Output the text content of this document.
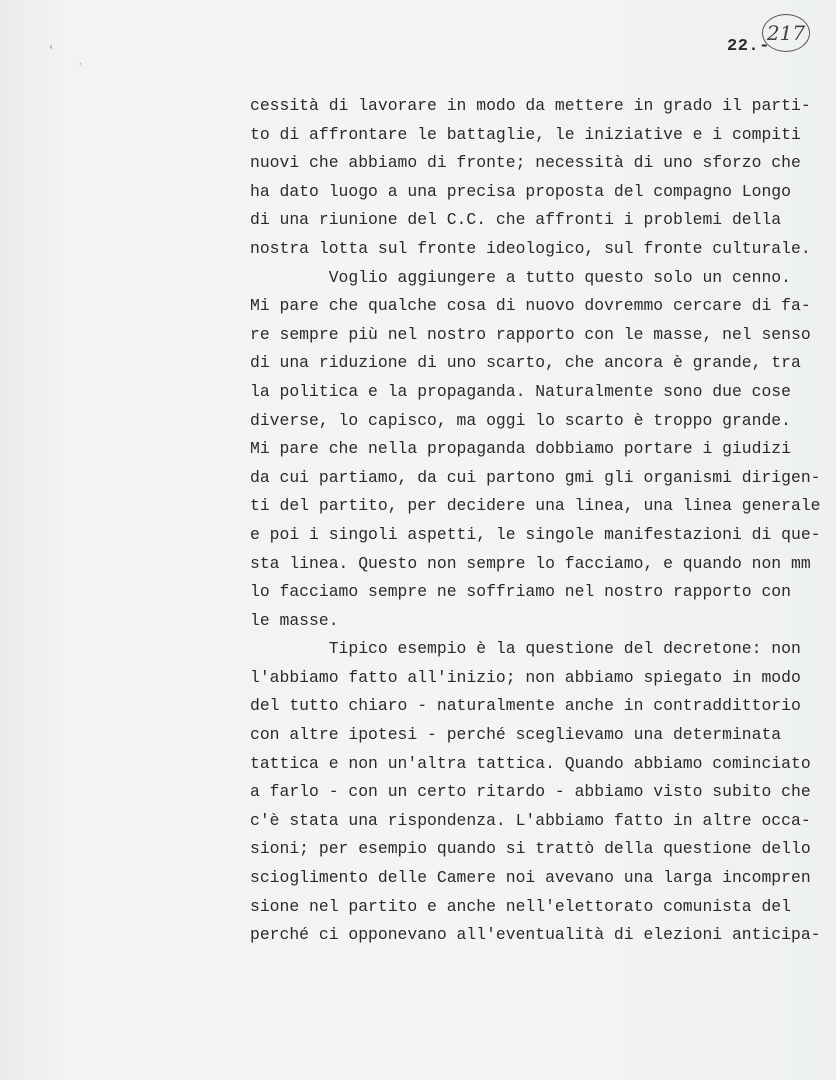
'
·
22.-
217
cessità di lavorare in modo da mettere in grado il parti-
to di affrontare le battaglie, le iniziative e i compiti
nuovi che abbiamo di fronte; necessità di uno sforzo che
ha dato luogo a una precisa proposta del compagno Longo
di una riunione del C.C. che affronti i problemi della
nostra lotta sul fronte ideologico, sul fronte culturale.
Voglio aggiungere a tutto questo solo un cenno.
Mi pare che qualche cosa di nuovo dovremmo cercare di fa-
re sempre più nel nostro rapporto con le masse, nel senso
di una riduzione di uno scarto, che ancora è grande, tra
la politica e la propaganda. Naturalmente sono due cose
diverse, lo capisco, ma oggi lo scarto è troppo grande.
Mi pare che nella propaganda dobbiamo portare i giudizi
da cui partiamo, da cui partono gmi gli organismi dirigen-
ti del partito, per decidere una linea, una linea generale
e poi i singoli aspetti, le singole manifestazioni di que-
sta linea. Questo non sempre lo facciamo, e quando non mm
lo facciamo sempre ne soffriamo nel nostro rapporto con
le masse.
Tipico esempio è la questione del decretone: non
l'abbiamo fatto all'inizio; non abbiamo spiegato in modo
del tutto chiaro - naturalmente anche in contraddittorio
con altre ipotesi - perché sceglievamo una determinata
tattica e non un'altra tattica. Quando abbiamo cominciato
a farlo - con un certo ritardo - abbiamo visto subito che
c'è stata una rispondenza. L'abbiamo fatto in altre occa-
sioni; per esempio quando si trattò della questione dello
scioglimento delle Camere noi avevano una larga incompren
sione nel partito e anche nell'elettorato comunista del
perché ci opponevano all'eventualità di elezioni anticipa-
